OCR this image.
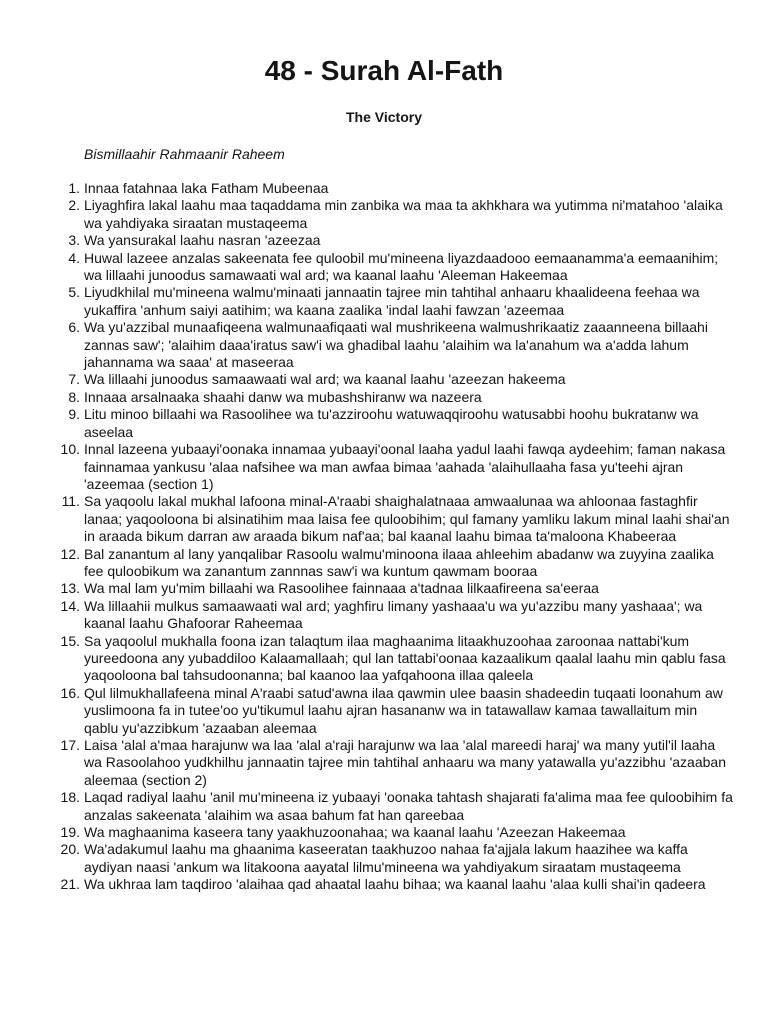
48 - Surah Al-Fath
The Victory
Bismillaahir Rahmaanir Raheem
1. Innaa fatahnaa laka Fatham Mubeenaa
2. Liyaghfira lakal laahu maa taqaddama min zanbika wa maa ta akhkhara wa yutimma ni'matahoo 'alaika wa yahdiyaka siraatan mustaqeema
3. Wa yansurakal laahu nasran 'azeezaa
4. Huwal lazeee anzalas sakeenata fee quloobil mu'mineena liyazdaadooo eemaanamma'a eemaanihim; wa lillaahi junoodus samawaati wal ard; wa kaanal laahu 'Aleeman Hakeemaa
5. Liyudkhilal mu'mineena walmu'minaati jannaatin tajree min tahtihal anhaaru khaalideena feehaa wa yukaffira 'anhum saiyi aatihim; wa kaana zaalika 'indal laahi fawzan 'azeemaa
6. Wa yu'azzibal munaafiqeena walmunaafiqaati wal mushrikeena walmushrikaatiz zaaanneena billaahi zannas saw'; 'alaihim daaa'iratus saw'i wa ghadibal laahu 'alaihim wa la'anahum wa a'adda lahum jahannama wa saaa' at maseeraa
7. Wa lillaahi junoodus samaawaati wal ard; wa kaanal laahu 'azeezan hakeema
8. Innaaa arsalnaaka shaahi danw wa mubashshiranw wa nazeera
9. Litu minoo billaahi wa Rasoolihee wa tu'azziroohu watuwaqqiroohu watusabbi hoohu bukratanw wa aseelaa
10. Innal lazeena yubaayi'oonaka innamaa yubaayi'oonal laaha yadul laahi fawqa aydeehim; faman nakasa fainnamaa yankusu 'alaa nafsihee wa man awfaa bimaa 'aahada 'alaihullaaha fasa yu'teehi ajran 'azeemaa (section 1)
11. Sa yaqoolu lakal mukhal lafoona minal-A'raabi shaighalatnaaa amwaalunaa wa ahloonaa fastaghfir lanaa; yaqooloona bi alsinatihim maa laisa fee quloobihim; qul famany yamliku lakum minal laahi shai'an in araada bikum darran aw araada bikum naf'aa; bal kaanal laahu bimaa ta'maloona Khabeeraa
12. Bal zanantum al lany yanqalibar Rasoolu walmu'minoona ilaaa ahleehim abadanw wa zuyyina zaalika fee quloobikum wa zanantum zannnas saw'i wa kuntum qawmam booraa
13. Wa mal lam yu'mim billaahi wa Rasoolihee fainnaaa a'tadnaa lilkaafireena sa'eeraa
14. Wa lillaahii mulkus samaawaati wal ard; yaghfiru limany yashaaa'u wa yu'azzibu many yashaaa'; wa kaanal laahu Ghafoorar Raheemaa
15. Sa yaqoolul mukhalla foona izan talaqtum ilaa maghaanima litaakhuzoohaa zaroonaa nattabi'kum yureedoona any yubaddiloo Kalaamallaah; qul lan tattabi'oonaa kazaalikum qaalal laahu min qablu fasa yaqooloona bal tahsudoonanna; bal kaanoo laa yafqahoona illaa qaleela
16. Qul lilmukhallafeena minal A'raabi satud'awna ilaa qawmin ulee baasin shadeedin tuqaati loonahum aw yuslimoona fa in tutee'oo yu'tikumul laahu ajran hasananw wa in tatawallaw kamaa tawallaitum min qablu yu'azzibkum 'azaaban aleemaa
17. Laisa 'alal a'maa harajunw wa laa 'alal a'raji harajunw wa laa 'alal mareedi haraj' wa many yutil'il laaha wa Rasoolahoo yudkhilhu jannaatin tajree min tahtihal anhaaru wa many yatawalla yu'azzibhu 'azaaban aleemaa (section 2)
18. Laqad radiyal laahu 'anil mu'mineena iz yubaayi 'oonaka tahtash shajarati fa'alima maa fee quloobihim fa anzalas sakeenata 'alaihim wa asaa bahum fat han qareebaa
19. Wa maghaanima kaseera tany yaakhuzoonahaa; wa kaanal laahu 'Azeezan Hakeemaa
20. Wa'adakumul laahu ma ghaanima kaseeratan taakhuzoo nahaa fa'ajjala lakum haazihee wa kaffa aydiyan naasi 'ankum wa litakoona aayatal lilmu'mineena wa yahdiyakum siraatam mustaqeema
21. Wa ukhraa lam taqdiroo 'alaihaa qad ahaatal laahu bihaa; wa kaanal laahu 'alaa kulli shai'in qadeera
